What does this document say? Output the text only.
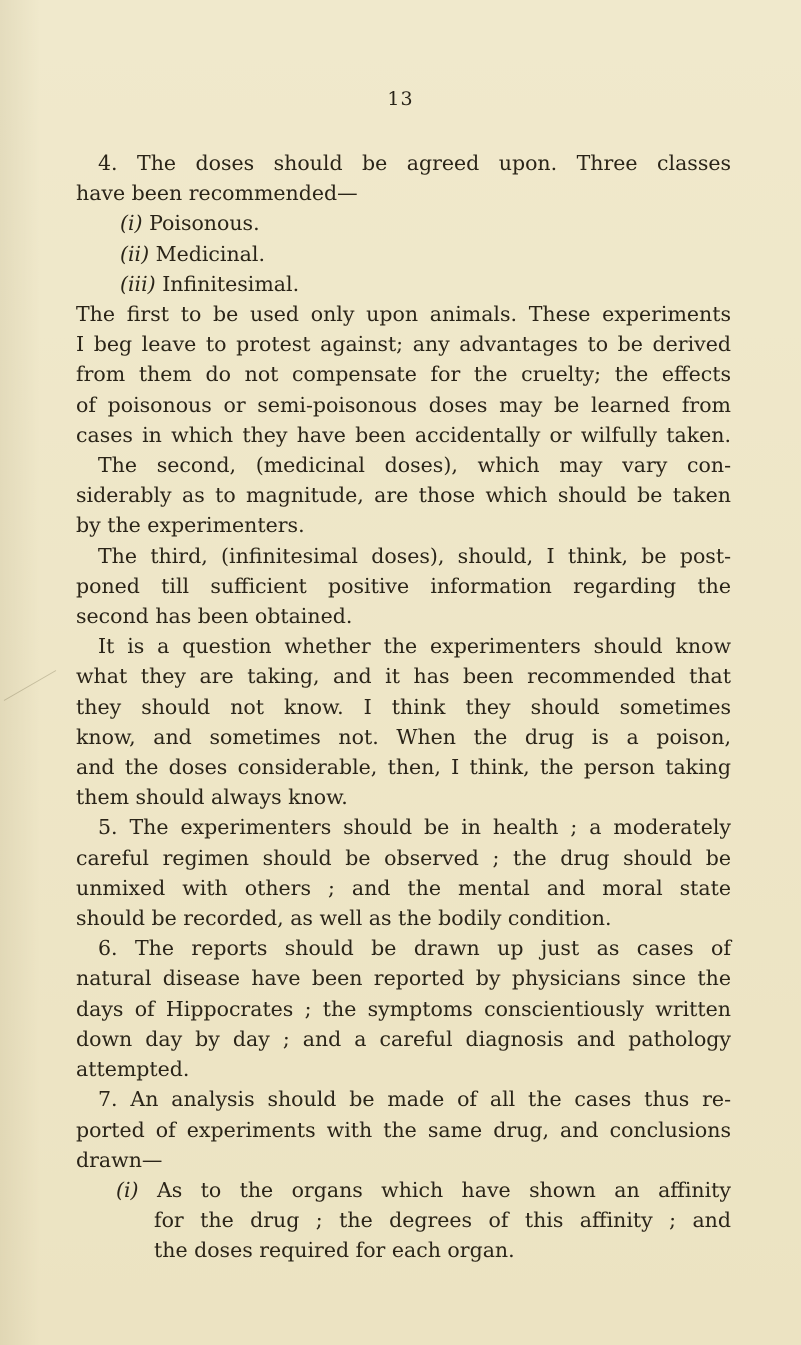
13
4. The doses should be agreed upon. Three classes
have been recommended—
(i) Poisonous.
(ii) Medicinal.
(iii) Infinitesimal.
The first to be used only upon animals. These experiments
I beg leave to protest against; any advantages to be derived
from them do not compensate for the cruelty; the effects
of poisonous or semi-poisonous doses may be learned from
cases in which they have been accidentally or wilfully taken.
The second, (medicinal doses), which may vary con-
siderably as to magnitude, are those which should be taken
by the experimenters.
The third, (infinitesimal doses), should, I think, be post-
poned till sufficient positive information regarding the
second has been obtained.
It is a question whether the experimenters should know
what they are taking, and it has been recommended that
they should not know. I think they should sometimes
know, and sometimes not. When the drug is a poison,
and the doses considerable, then, I think, the person taking
them should always know.
5. The experimenters should be in health ; a moderately
careful regimen should be observed ; the drug should be
unmixed with others ; and the mental and moral state
should be recorded, as well as the bodily condition.
6. The reports should be drawn up just as cases of
natural disease have been reported by physicians since the
days of Hippocrates ; the symptoms conscientiously written
down day by day ; and a careful diagnosis and pathology
attempted.
7. An analysis should be made of all the cases thus re-
ported of experiments with the same drug, and conclusions
drawn—
(i) As to the organs which have shown an affinity
for the drug ; the degrees of this affinity ; and
the doses required for each organ.
